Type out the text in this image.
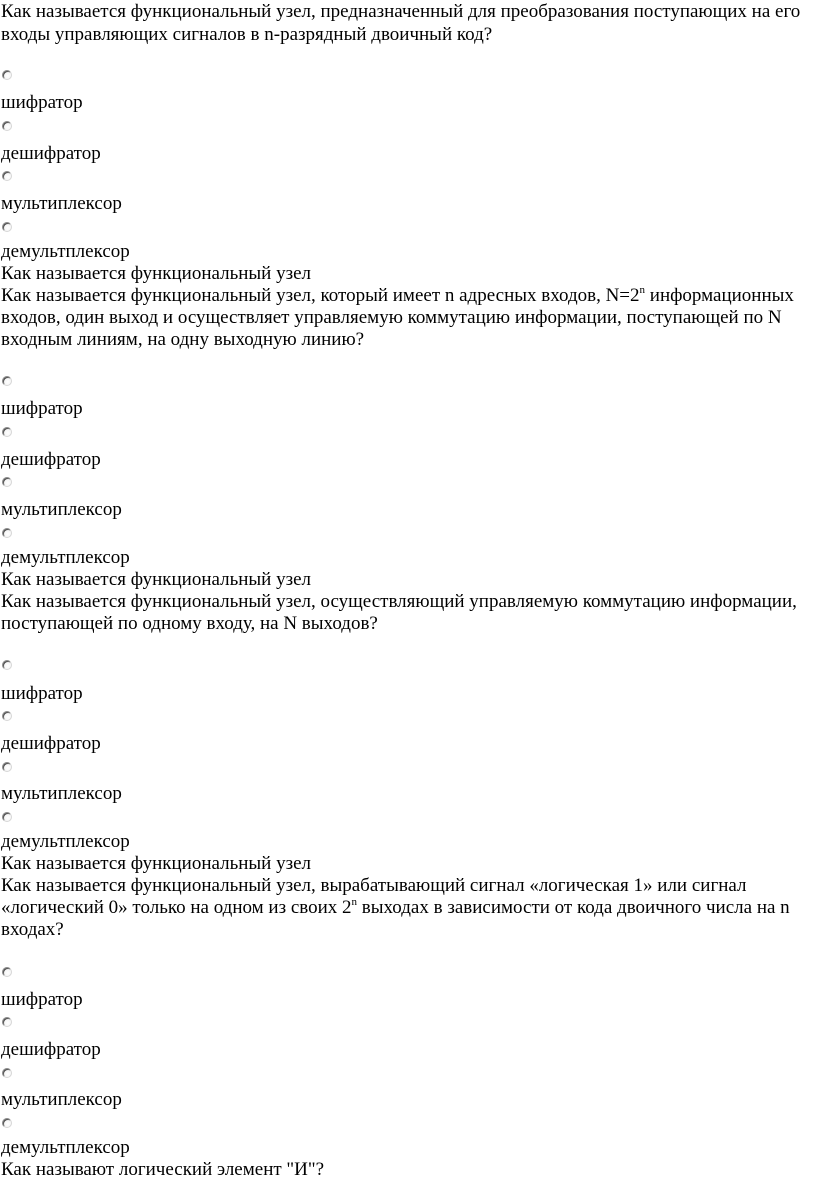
Как называется функциональный узел, предназначенный для преобразования поступающих на его
входы управляющих сигналов в n-разрядный двоичный код?
шифратор
дешифратор
мультиплексор
демультплексор
Как называется функциональный узел
Как называется функциональный узел, который имеет n адресных входов, $N=2^n$ информационных
входов, один выход и осуществляет управляемую коммутацию информации, поступающей по N
входным линиям, на одну выходную линию?
шифратор
дешифратор
мультиплексор
демультплексор
Как называется функциональный узел
Как называется функциональный узел, осуществляющий управляемую коммутацию информации,
поступающей по одному входу, на N выходов?
шифратор
дешифратор
мультиплексор
демультплексор
Как называется функциональный узел
Как называется функциональный узел, вырабатывающий сигнал «логическая 1» или сигнал
«логический 0» только на одном из своих 2$^n$ выходах в зависимости от кода двоичного числа на n
входах?
шифратор
дешифратор
мультиплексор
демультплексор
Как называют логический элемент "И"?
